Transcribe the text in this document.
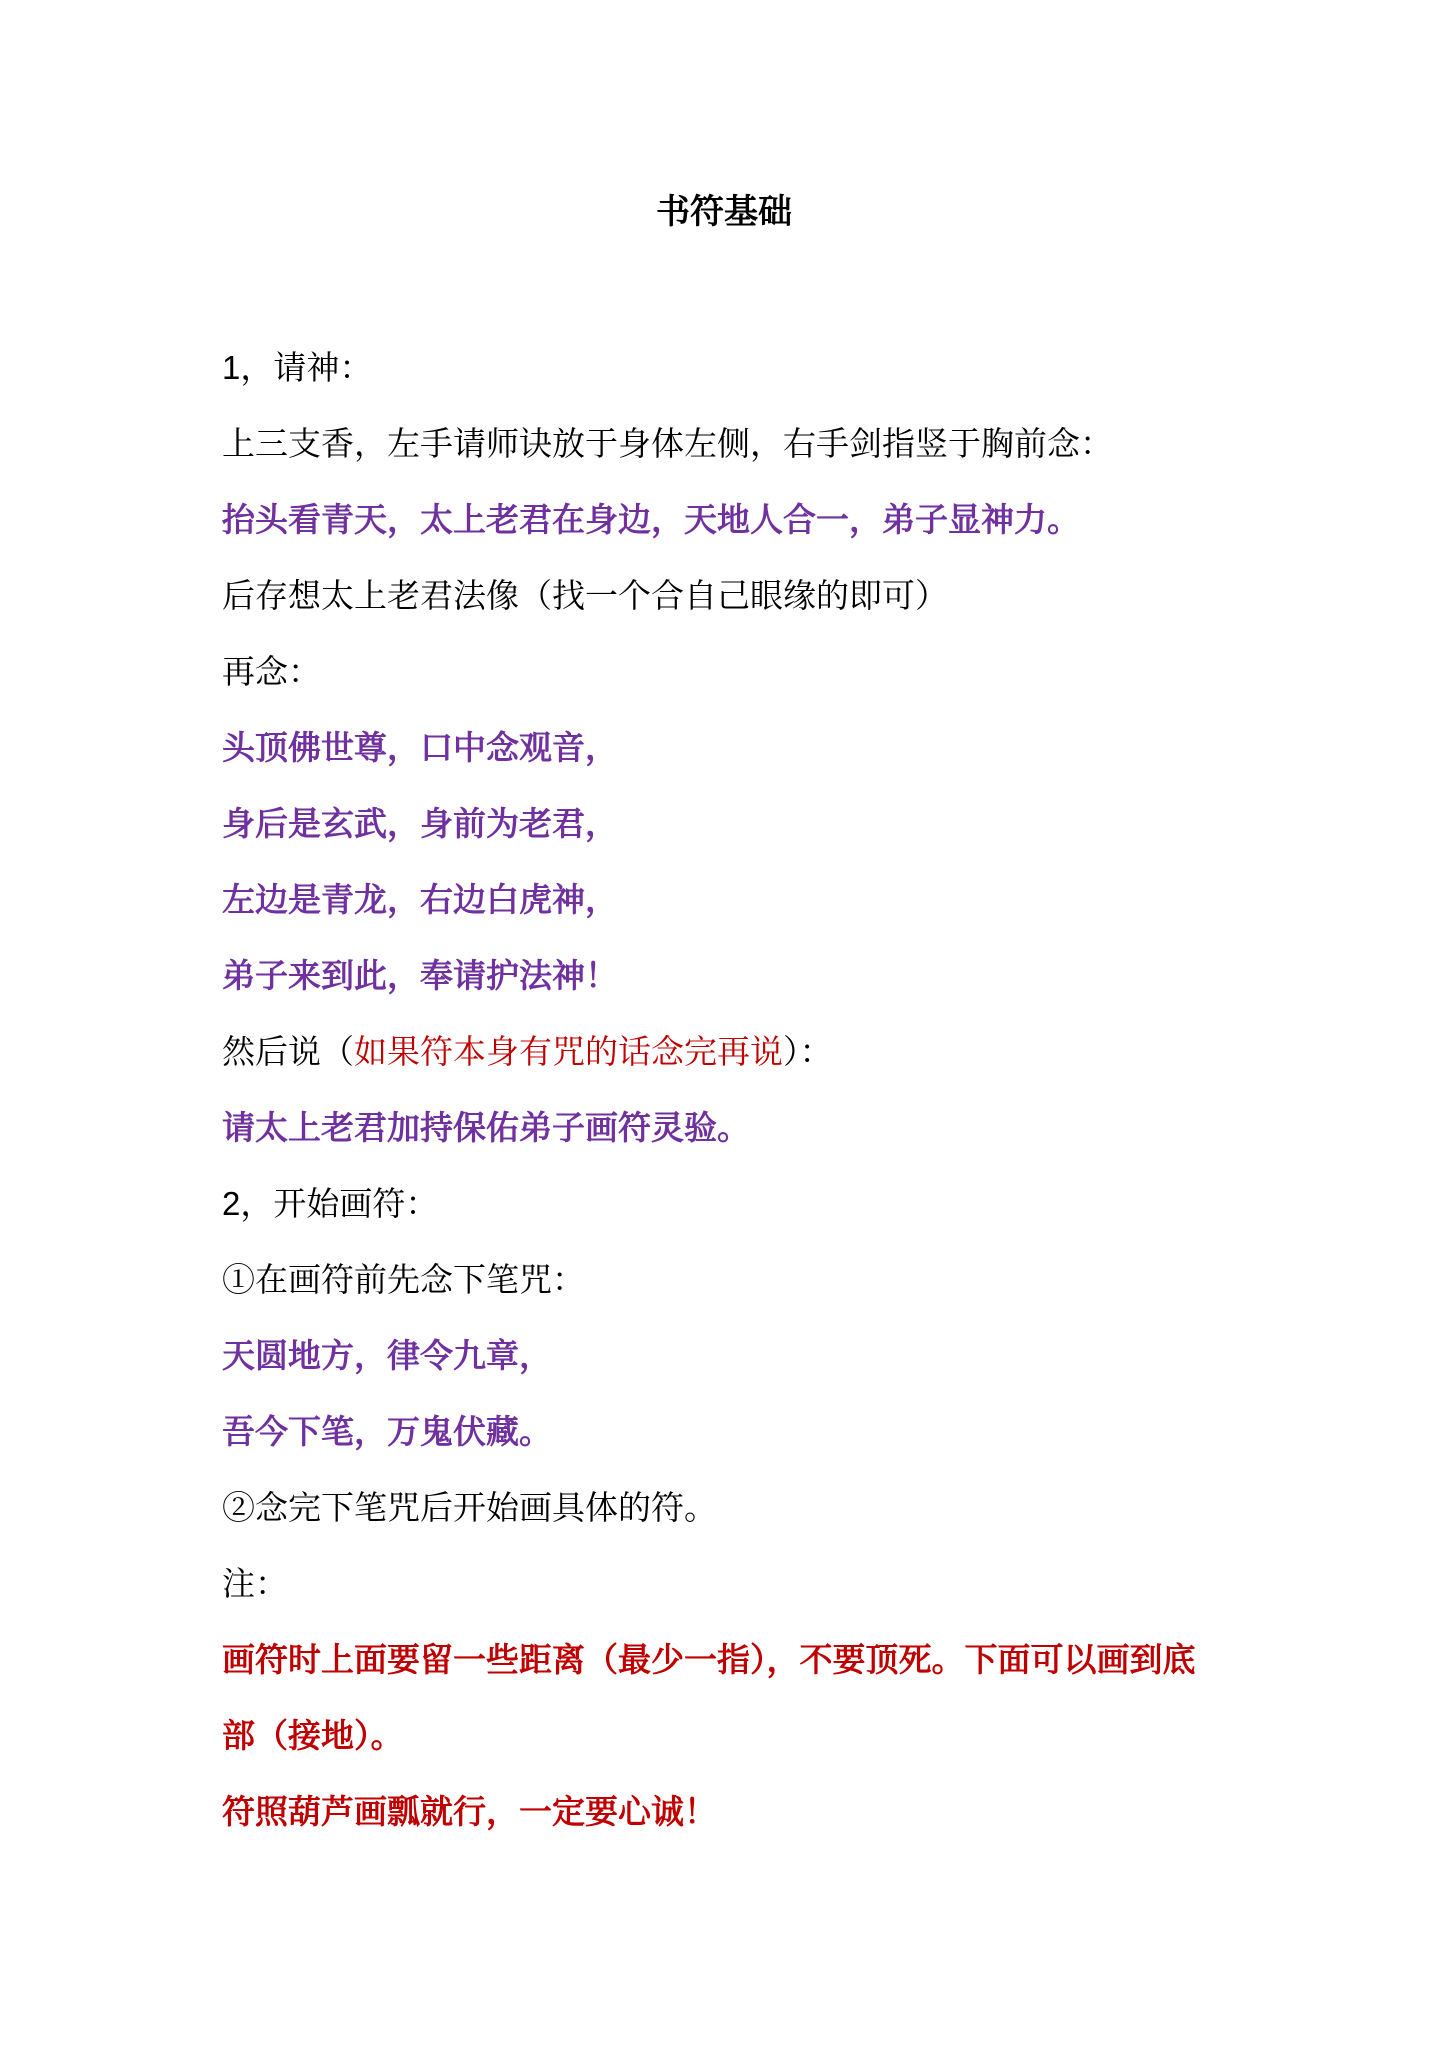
书符基础
1，请神：
上三支香，左手请师诀放于身体左侧，右手剑指竖于胸前念：
抬头看青天，太上老君在身边，天地人合一，弟子显神力。
后存想太上老君法像（找一个合自己眼缘的即可）
再念：
头顶佛世尊，口中念观音，
身后是玄武，身前为老君，
左边是青龙，右边白虎神，
弟子来到此，奉请护法神！
然后说（如果符本身有咒的话念完再说）：
请太上老君加持保佑弟子画符灵验。
2，开始画符：
①在画符前先念下笔咒：
天圆地方，律令九章，
吾今下笔，万鬼伏藏。
②念完下笔咒后开始画具体的符。
注：
画符时上面要留一些距离（最少一指），不要顶死。下面可以画到底
部（接地）。
符照葫芦画瓢就行，一定要心诚！
